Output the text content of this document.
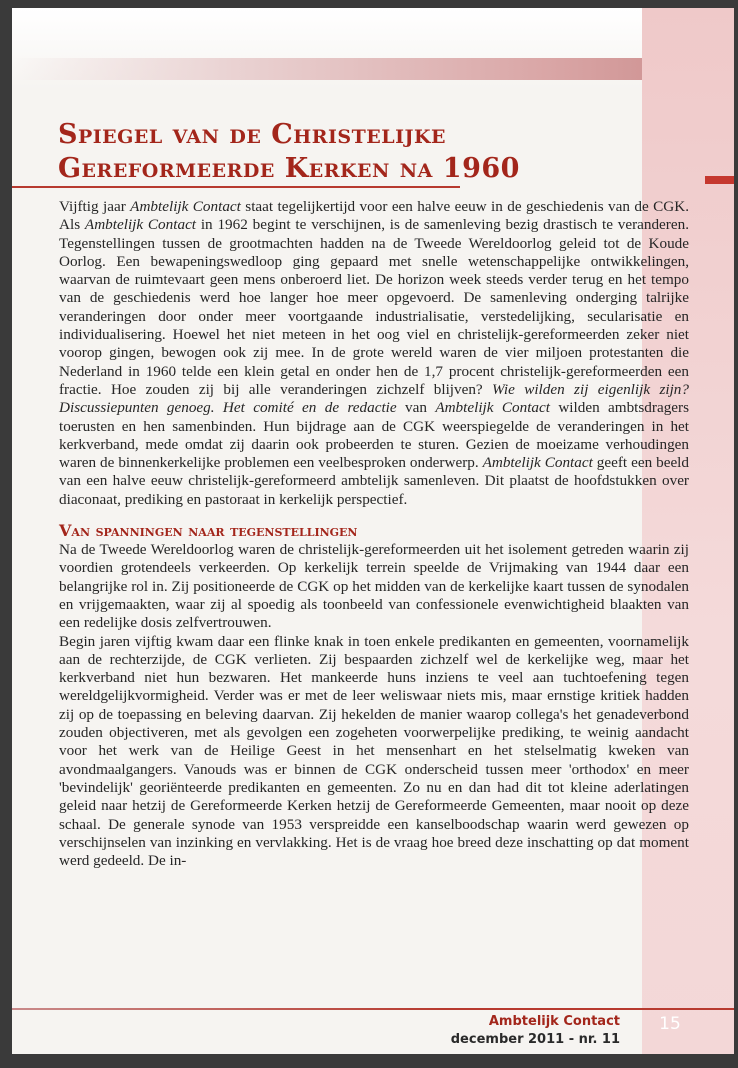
Spiegel van de Christelijke
Gereformeerde Kerken na 1960

Vijftig jaar Ambtelijk Contact staat tegelijkertijd voor een halve eeuw in de geschiedenis van de CGK. Als Ambtelijk Contact in 1962 begint te verschijnen, is de samenleving bezig drastisch te veranderen. Tegenstellingen tussen de grootmachten hadden na de Tweede Wereldoorlog geleid tot de Koude Oorlog. Een bewapeningswedloop ging gepaard met snelle wetenschappelijke ontwikkelingen, waarvan de ruimtevaart geen mens onberoerd liet. De horizon week steeds verder terug en het tempo van de geschiedenis werd hoe langer hoe meer opgevoerd. De samenleving onderging talrijke veranderingen door onder meer voortgaande industrialisatie, verstedelijking, secularisatie en individualisering. Hoewel het niet meteen in het oog viel en christelijk-gereformeerden zeker niet voorop gingen, bewogen ook zij mee. In de grote wereld waren de vier miljoen protestanten die Nederland in 1960 telde een klein getal en onder hen de 1,7 procent christelijk-gereformeerden een fractie. Hoe zouden zij bij alle veranderingen zichzelf blijven? Wie wilden zij eigenlijk zijn? Discussiepunten genoeg. Het comité en de redactie van Ambtelijk Contact wilden ambtsdragers toerusten en hen samenbinden. Hun bijdrage aan de CGK weerspiegelde de veranderingen in het kerkverband, mede omdat zij daarin ook probeerden te sturen. Gezien de moeizame verhoudingen waren de binnenkerkelijke problemen een veelbesproken onderwerp. Ambtelijk Contact geeft een beeld van een halve eeuw christelijk-gereformeerd ambtelijk samenleven. Dit plaatst de hoofdstukken over diaconaat, prediking en pastoraat in kerkelijk perspectief.

Van spanningen naar tegenstellingen

Na de Tweede Wereldoorlog waren de christelijk-gereformeerden uit het isolement getreden waarin zij voordien grotendeels verkeerden. Op kerkelijk terrein speelde de Vrijmaking van 1944 daar een belangrijke rol in. Zij positioneerde de CGK op het midden van de kerkelijke kaart tussen de synodalen en vrijgemaakten, waar zij al spoedig als toonbeeld van confessionele evenwichtigheid blaakten van een redelijke dosis zelfvertrouwen.

Begin jaren vijftig kwam daar een flinke knak in toen enkele predikanten en gemeenten, voornamelijk aan de rechterzijde, de CGK verlieten. Zij bespaarden zichzelf wel de kerkelijke weg, maar het kerkverband niet hun bezwaren. Het mankeerde huns inziens te veel aan tuchtoefening tegen wereldgelijkvormigheid. Verder was er met de leer weliswaar niets mis, maar ernstige kritiek hadden zij op de toepassing en beleving daarvan. Zij hekelden de manier waarop collega's het genadeverbond zouden objectiveren, met als gevolgen een zogeheten voorwerpelijke prediking, te weinig aandacht voor het werk van de Heilige Geest in het mensenhart en het stelselmatig kweken van avondmaalgangers. Vanouds was er binnen de CGK onderscheid tussen meer 'orthodox' en meer 'bevindelijk' georiënteerde predikanten en gemeenten. Zo nu en dan had dit tot kleine aderlatingen geleid naar hetzij de Gereformeerde Kerken hetzij de Gereformeerde Gemeenten, maar nooit op deze schaal. De generale synode van 1953 verspreidde een kanselboodschap waarin werd gewezen op verschijnselen van inzinking en vervlakking. Het is de vraag hoe breed deze inschatting op dat moment werd gedeeld. De in-

Ambtelijk Contact
december 2011 - nr. 11
15
